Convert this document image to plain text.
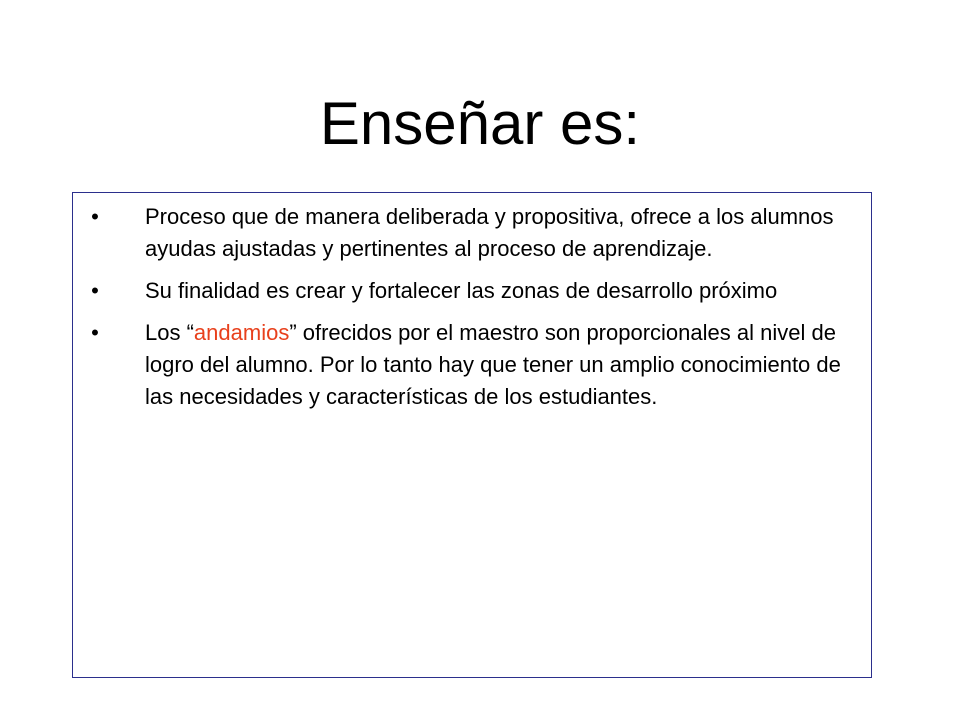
Enseñar es:
• Proceso que de manera deliberada y propositiva, ofrece a los alumnos ayudas ajustadas y pertinentes al proceso de aprendizaje.
• Su finalidad es crear y fortalecer las zonas de desarrollo próximo
• Los “andamios” ofrecidos por el maestro son proporcionales al nivel de logro del alumno. Por lo tanto hay que tener un amplio conocimiento de las necesidades y características de los estudiantes.
